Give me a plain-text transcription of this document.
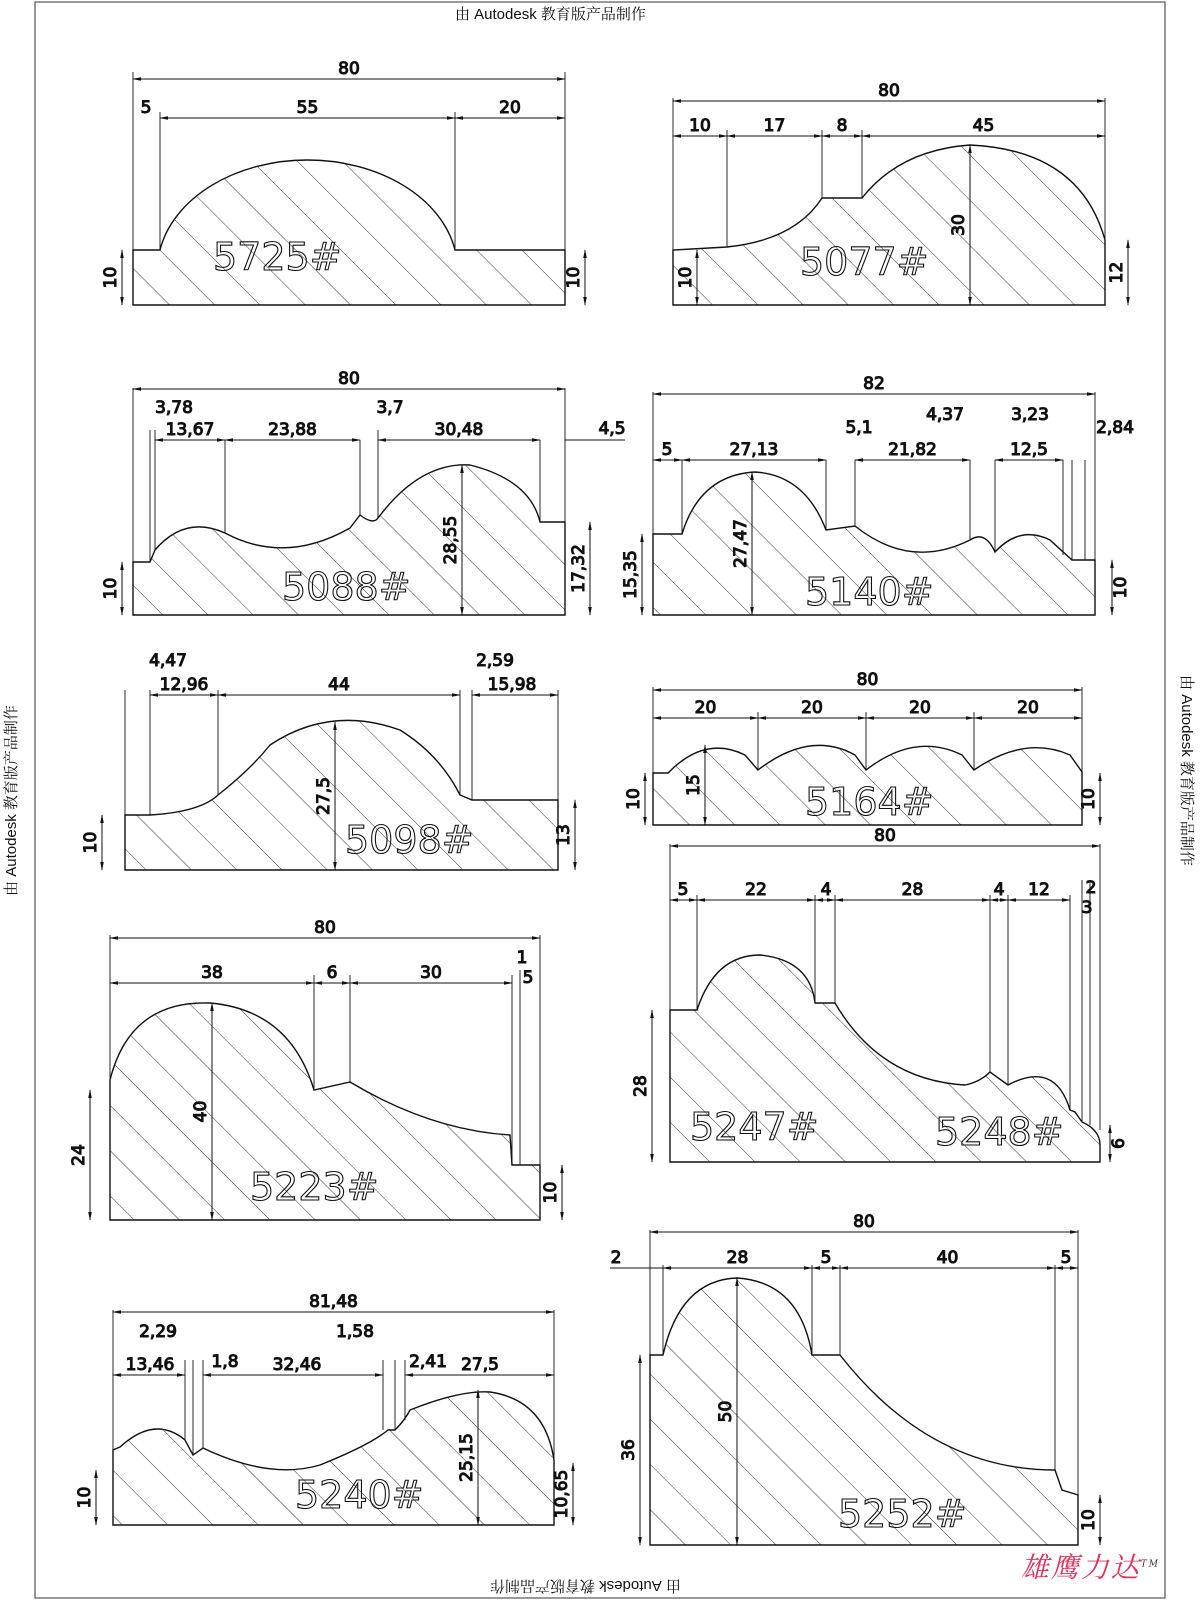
由 Autodesk 教育版产品制作
由 Autodesk 教育版产品制作
由 Autodesk 教育版产品制作	由 Autodesk 教育版产品制作
80
55	20
5
10	10
5725#
80
10	17	8	45
30
10	12
5077#
80
3,78
13,67	23,88
3,7
30,48	4,5
28,55
10	17,32
5088#
82
5	27,13
5,1
21,82
4,37
12,5
3,23
2,84
27,47
15,35	10
5140#
4,47
12,96	44
2,59
15,98
27,5
10	13
5098#
80
20	20	20	20
15
10	10
5164#
80
38	6	30
1
5
40
24
10
5223#
80
5	22	4	28	4 12
3
2
28
6
5247#	5248#
81,48
2,29
1,8
13,46	32,46
1,58
2,41 27,5
25,15
10	10,65
5240#
80
2	28	5	40	5
50
36
10
5252#
雄鹰力达™
